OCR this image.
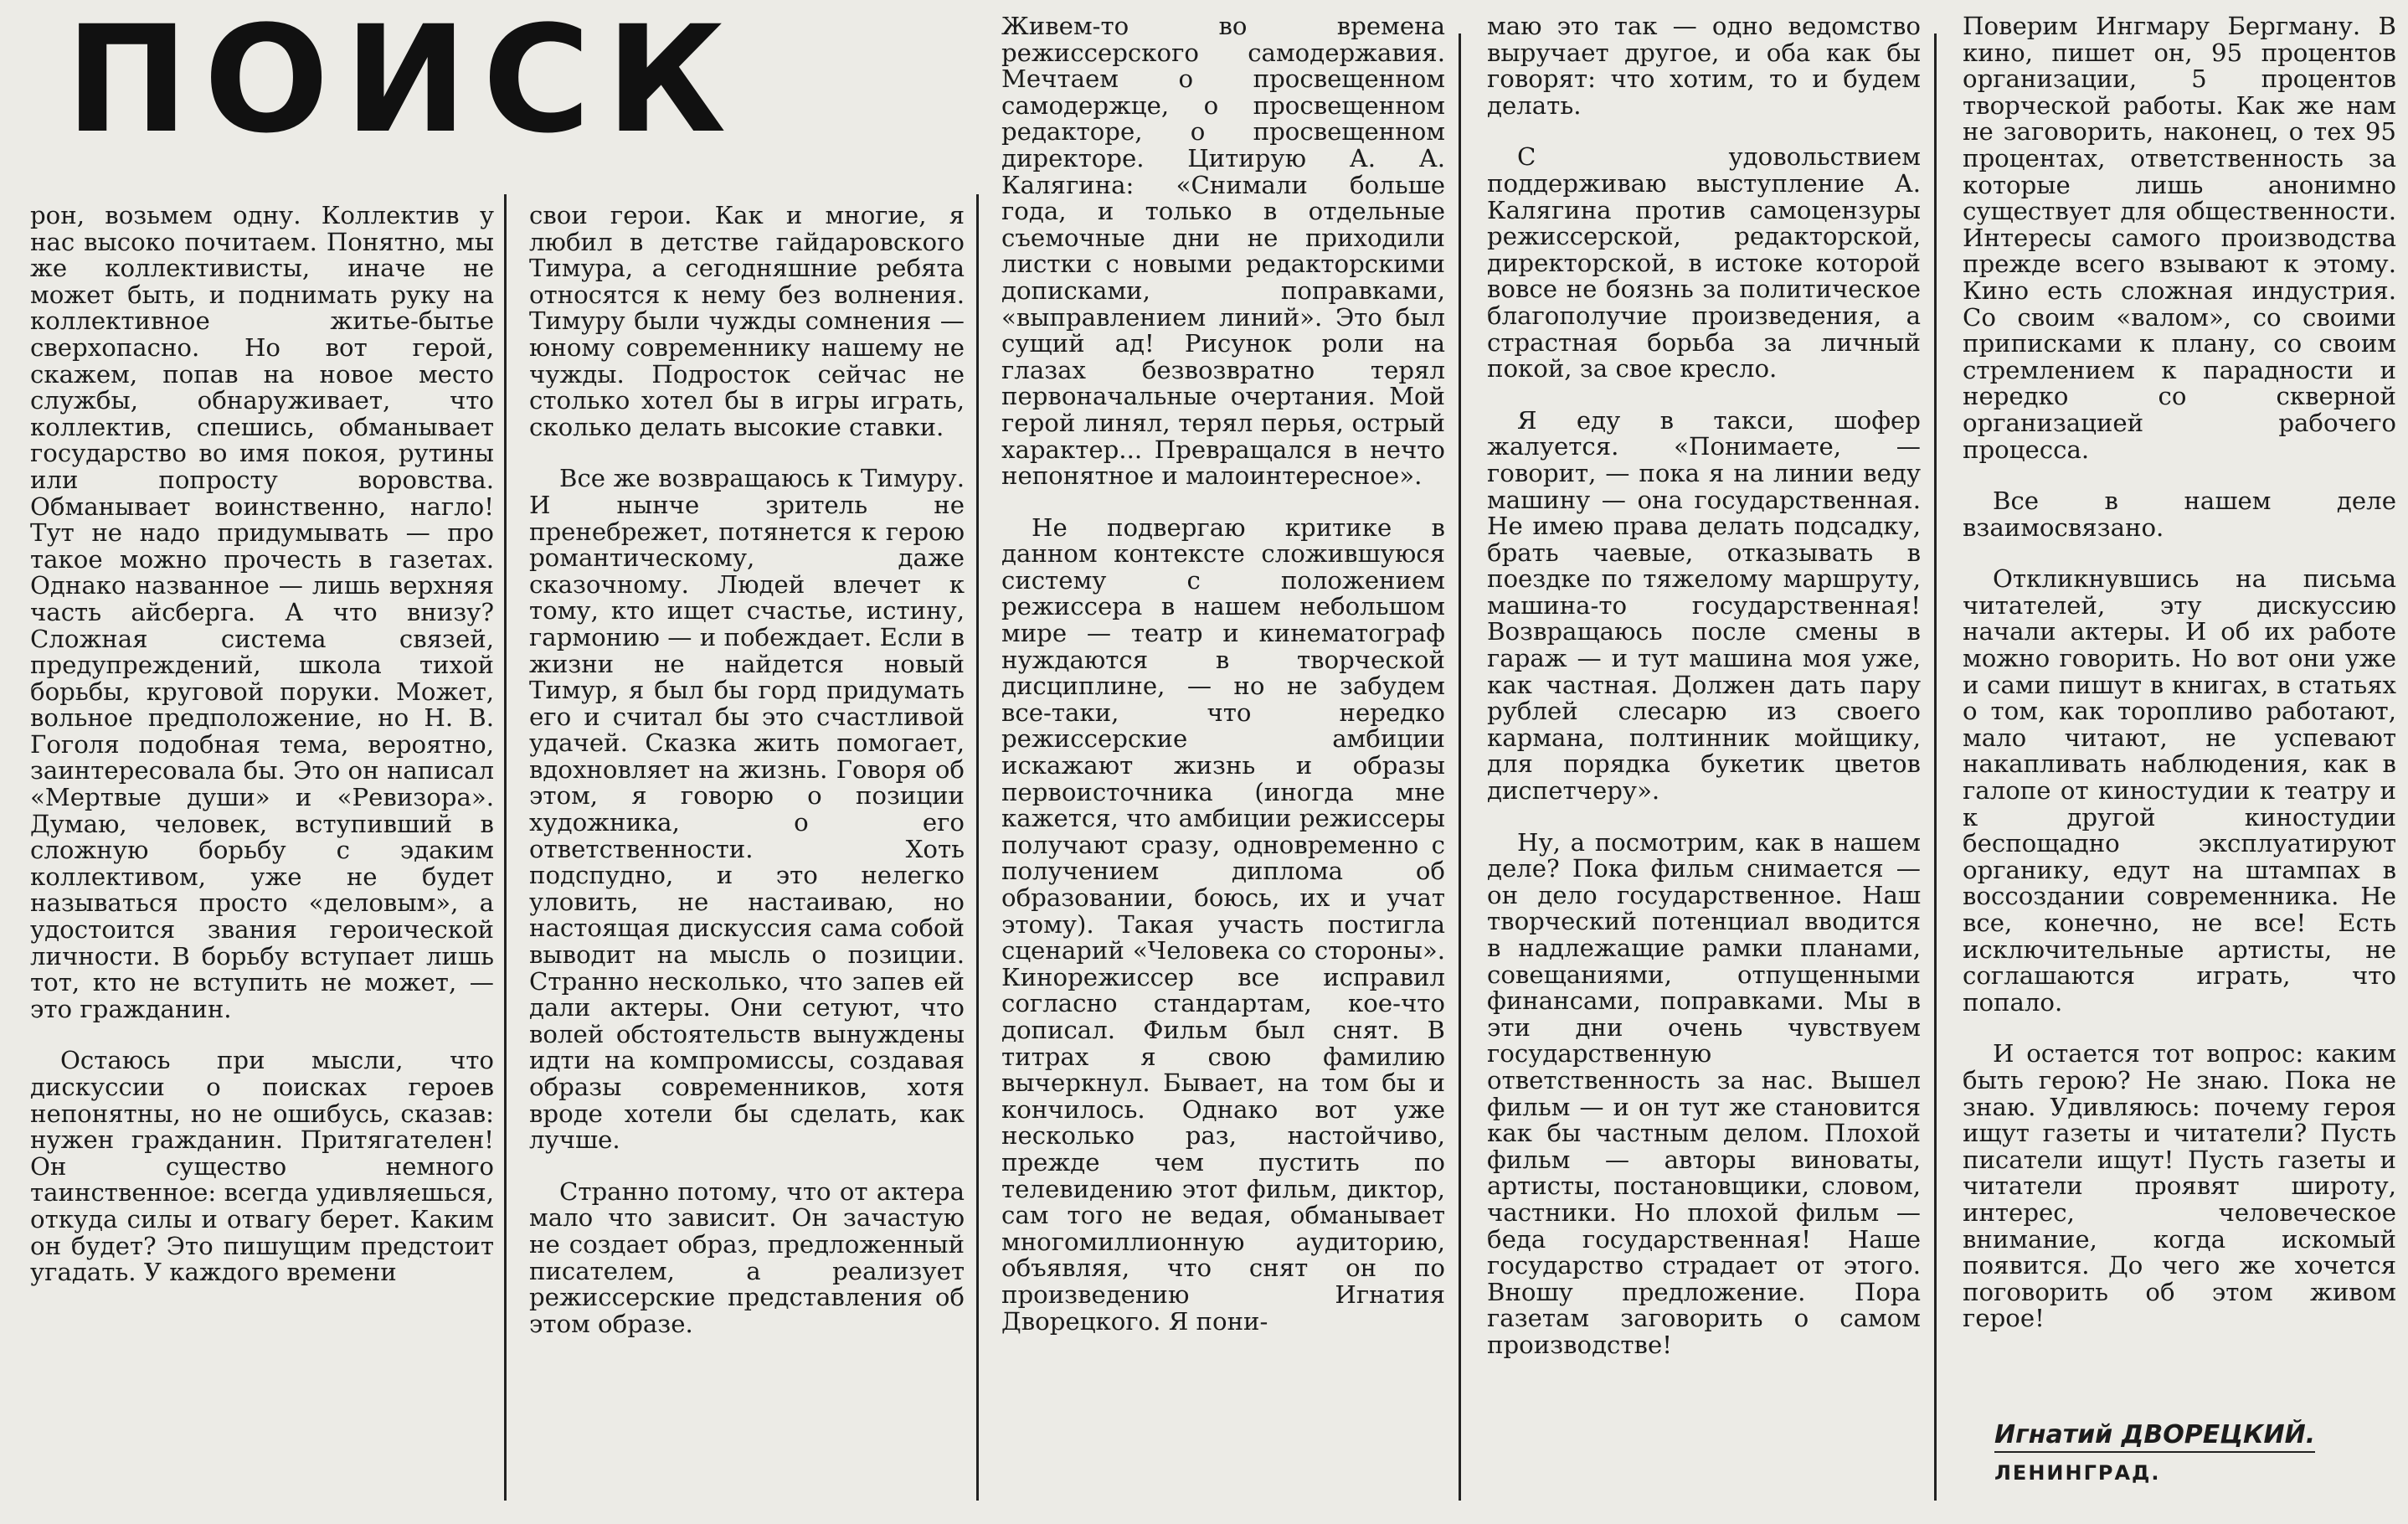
ПОИСК

рон, возьмем одну. Коллектив у нас высоко почитаем. Понятно, мы же коллективисты, иначе не может быть, и поднимать руку на коллективное житье-бытье сверхопасно. Но вот герой, скажем, попав на новое место службы, обнаруживает, что коллектив, спешись, обманывает государство во имя покоя, рутины или попросту воровства. Обманывает воинственно, нагло! Тут не надо придумывать — про такое можно прочесть в газетах. Однако названное — лишь верхняя часть айсберга. А что внизу? Сложная система связей, предупреждений, школа тихой борьбы, круговой поруки. Может, вольное предположение, но Н. В. Гоголя подобная тема, вероятно, заинтересовала бы. Это он написал «Мертвые души» и «Ревизора». Думаю, человек, вступивший в сложную борьбу с эдаким коллективом, уже не будет называться просто «деловым», а удостоится звания героической личности. В борьбу вступает лишь тот, кто не вступить не может, — это гражданин.

Остаюсь при мысли, что дискуссии о поисках героев непонятны, но не ошибусь, сказав: нужен гражданин. Притягателен! Он существо немного таинственное: всегда удивляешься, откуда силы и отвагу берет. Каким он будет? Это пишущим предстоит угадать. У каждого времени

свои герои. Как и многие, я любил в детстве гайдаровского Тимура, а сегодняшние ребята относятся к нему без волнения. Тимуру были чужды сомнения — юному современнику нашему не чужды. Подросток сейчас не столько хотел бы в игры играть, сколько делать высокие ставки.

Все же возвращаюсь к Тимуру. И нынче зритель не пренебрежет, потянется к герою романтическому, даже сказочному. Людей влечет к тому, кто ищет счастье, истину, гармонию — и побеждает. Если в жизни не найдется новый Тимур, я был бы горд придумать его и считал бы это счастливой удачей. Сказка жить помогает, вдохновляет на жизнь. Говоря об этом, я говорю о позиции художника, о его ответственности. Хоть подспудно, и это нелегко уловить, не настаиваю, но настоящая дискуссия сама собой выводит на мысль о позиции. Странно несколько, что запев ей дали актеры. Они сетуют, что волей обстоятельств вынуждены идти на компромиссы, создавая образы современников, хотя вроде хотели бы сделать, как лучше.

Странно потому, что от актера мало что зависит. Он зачастую не создает образ, предложенный писателем, а реализует режиссерские представления об этом образе.

Живем-то во времена режиссерского самодержавия. Мечтаем о просвещенном самодержце, о просвещенном редакторе, о просвещенном директоре. Цитирую А. А. Калягина: «Снимали больше года, и только в отдельные съемочные дни не приходили листки с новыми редакторскими дописками, поправками, «выправлением линий». Это был сущий ад! Рисунок роли на глазах безвозвратно терял первоначальные очертания. Мой герой линял, терял перья, острый характер... Превращался в нечто непонятное и малоинтересное».

Не подвергаю критике в данном контексте сложившуюся систему с положением режиссера в нашем небольшом мире — театр и кинематограф нуждаются в творческой дисциплине, — но не забудем все-таки, что нередко режиссерские амбиции искажают жизнь и образы первоисточника (иногда мне кажется, что амбиции режиссеры получают сразу, одновременно с получением диплома об образовании, боюсь, их и учат этому). Такая участь постигла сценарий «Человека со стороны». Кинорежиссер все исправил согласно стандартам, кое-что дописал. Фильм был снят. В титрах я свою фамилию вычеркнул. Бывает, на том бы и кончилось. Однако вот уже несколько раз, настойчиво, прежде чем пустить по телевидению этот фильм, диктор, сам того не ведая, обманывает многомиллионную аудиторию, объявляя, что снят он по произведению Игнатия Дворецкого. Я пони-

маю это так — одно ведомство выручает другое, и оба как бы говорят: что хотим, то и будем делать.

С удовольствием поддерживаю выступление А. Калягина против самоцензуры режиссерской, редакторской, директорской, в истоке которой вовсе не боязнь за политическое благополучие произведения, а страстная борьба за личный покой, за свое кресло.

Я еду в такси, шофер жалуется. «Понимаете, — говорит, — пока я на линии веду машину — она государственная. Не имею права делать подсадку, брать чаевые, отказывать в поездке по тяжелому маршруту, машина-то государственная! Возвращаюсь после смены в гараж — и тут машина моя уже, как частная. Должен дать пару рублей слесарю из своего кармана, полтинник мойщику, для порядка букетик цветов диспетчеру».

Ну, а посмотрим, как в нашем деле? Пока фильм снимается — он дело государственное. Наш творческий потенциал вводится в надлежащие рамки планами, совещаниями, отпущенными финансами, поправками. Мы в эти дни очень чувствуем государственную ответственность за нас. Вышел фильм — и он тут же становится как бы частным делом. Плохой фильм — авторы виноваты, артисты, постановщики, словом, частники. Но плохой фильм — беда государственная! Наше государство страдает от этого. Вношу предложение. Пора газетам заговорить о самом производстве!

Поверим Ингмару Бергману. В кино, пишет он, 95 процентов организации, 5 процентов творческой работы. Как же нам не заговорить, наконец, о тех 95 процентах, ответственность за которые лишь анонимно существует для общественности. Интересы самого производства прежде всего взывают к этому. Кино есть сложная индустрия. Со своим «валом», со своими приписками к плану, со своим стремлением к парадности и нередко со скверной организацией рабочего процесса.

Все в нашем деле взаимосвязано.

Откликнувшись на письма читателей, эту дискуссию начали актеры. И об их работе можно говорить. Но вот они уже и сами пишут в книгах, в статьях о том, как торопливо работают, мало читают, не успевают накапливать наблюдения, как в галопе от киностудии к театру и к другой киностудии беспощадно эксплуатируют органику, едут на штампах в воссоздании современника. Не все, конечно, не все! Есть исключительные артисты, не соглашаются играть, что попало.

И остается тот вопрос: каким быть герою? Не знаю. Пока не знаю. Удивляюсь: почему героя ищут газеты и читатели? Пусть писатели ищут! Пусть газеты и читатели проявят широту, интерес, человеческое внимание, когда искомый появится. До чего же хочется поговорить об этом живом герое!

Игнатий ДВОРЕЦКИЙ.
ЛЕНИНГРАД.
